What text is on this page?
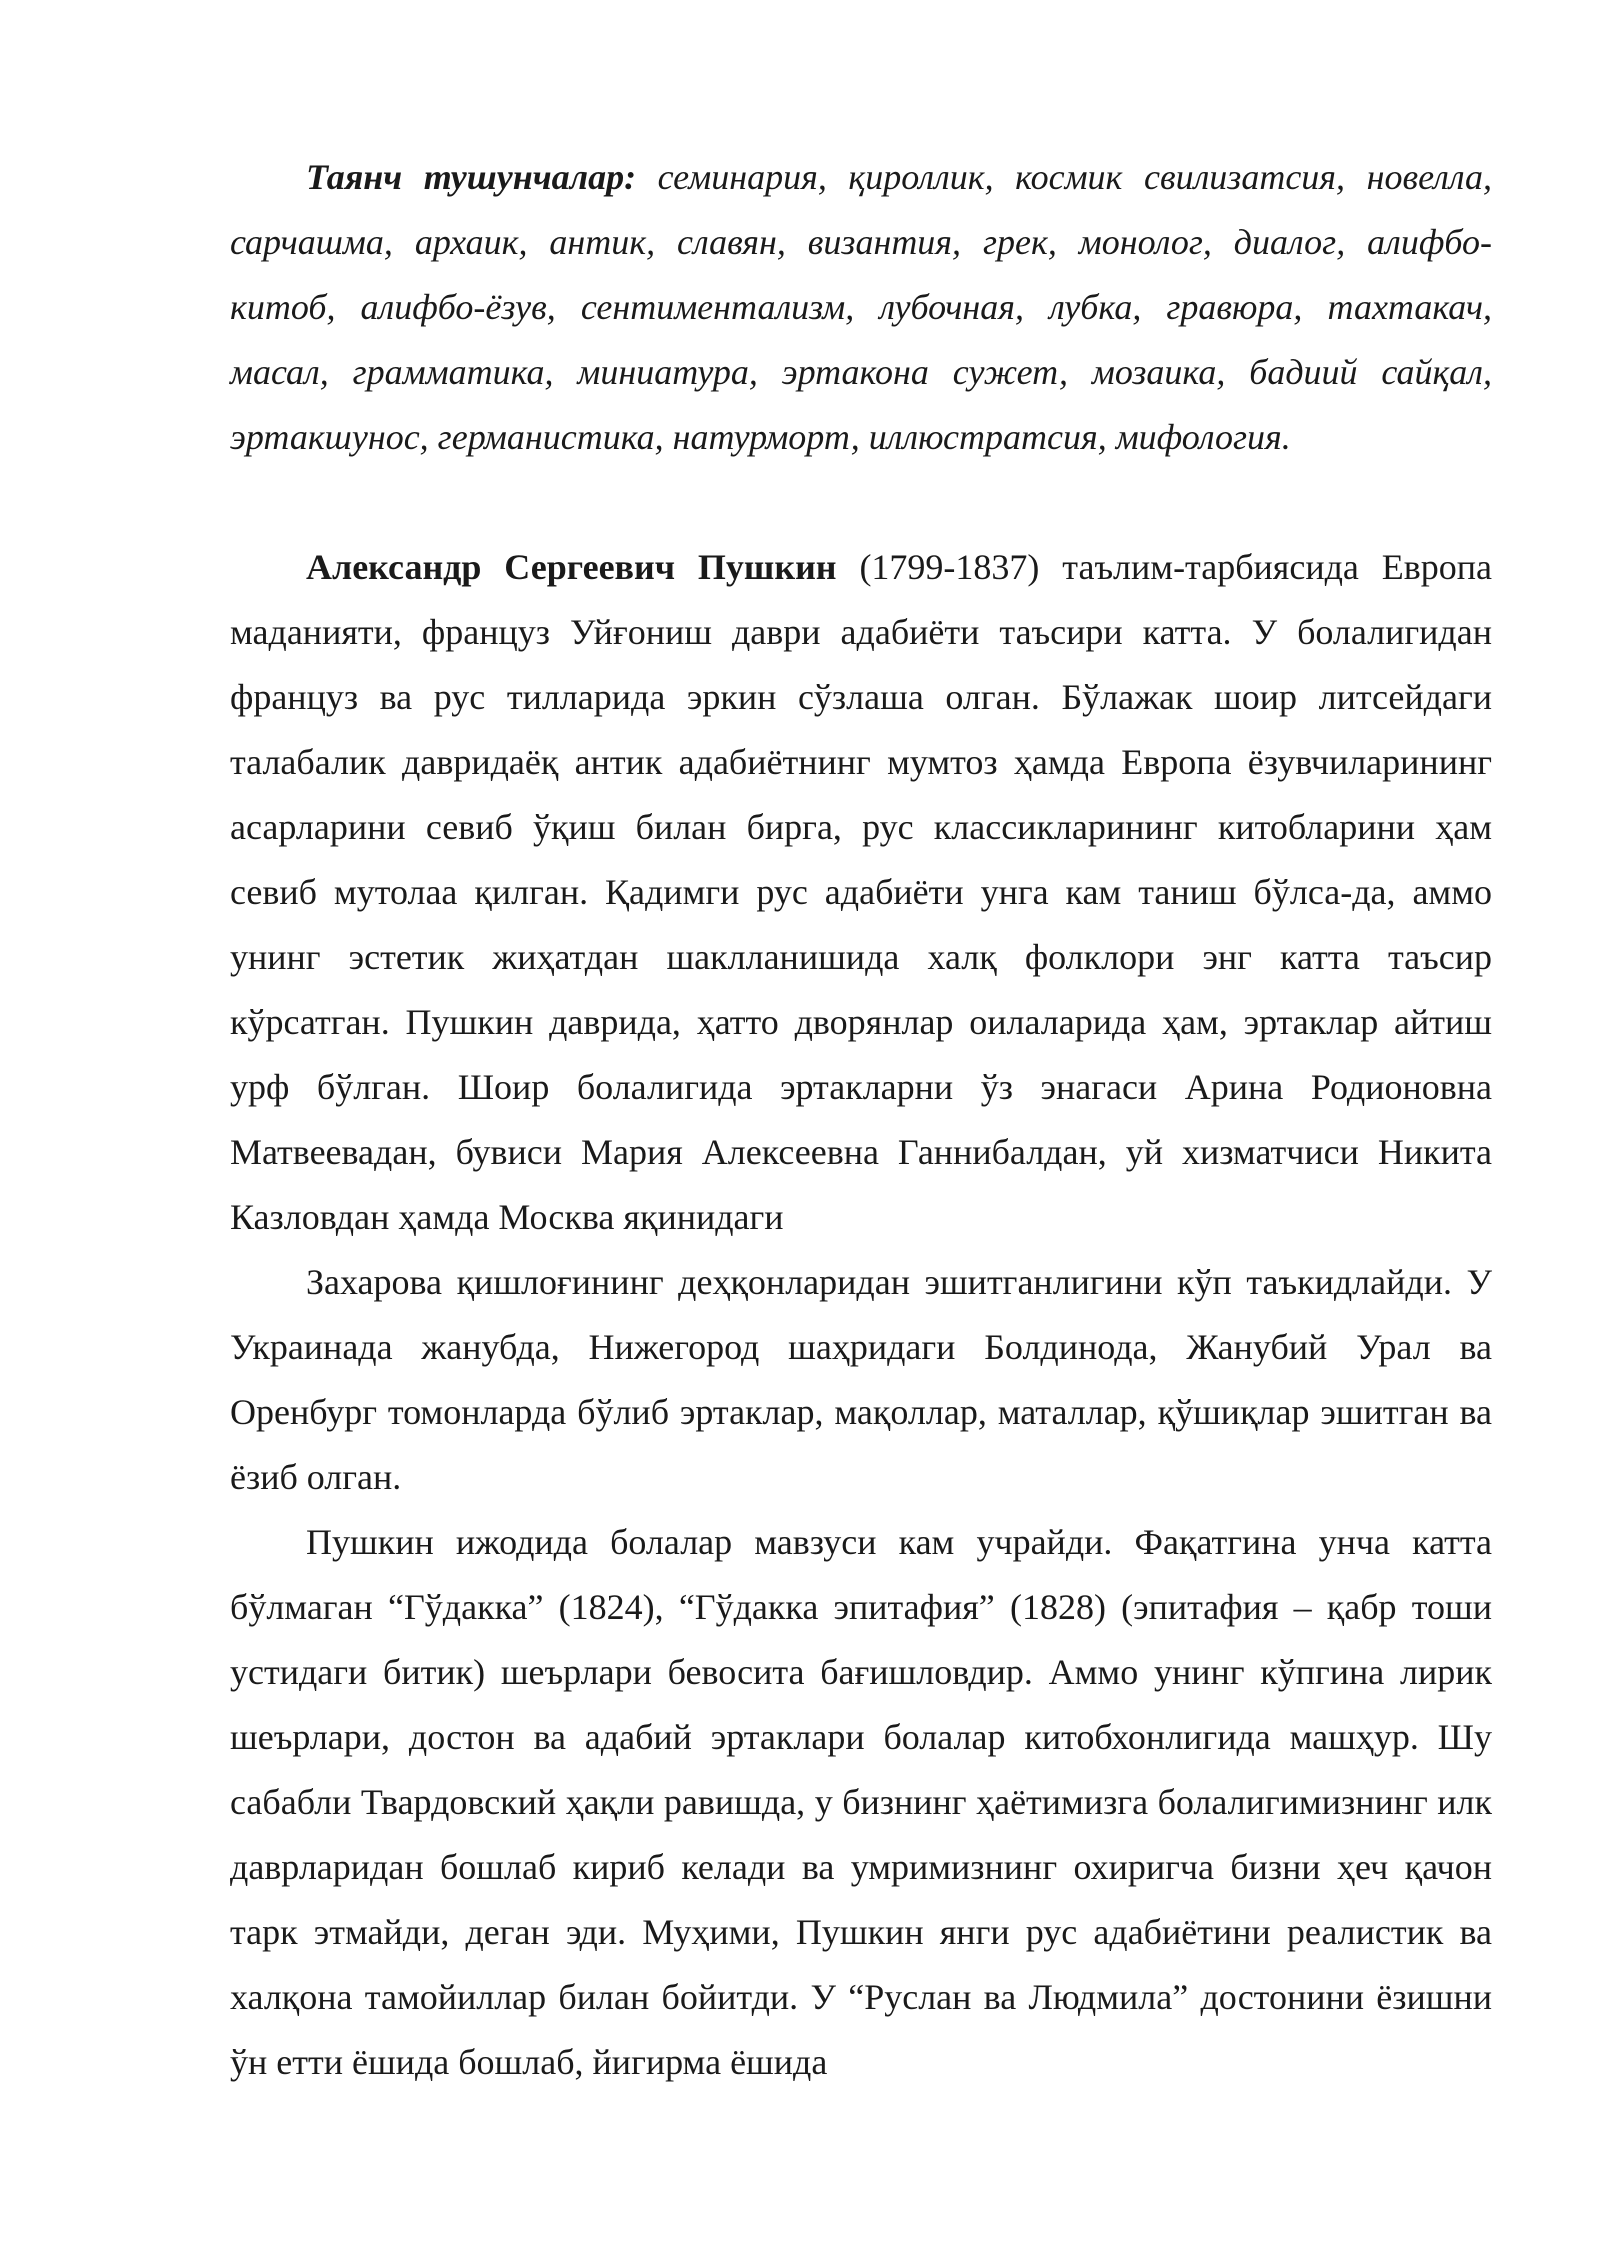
Таянч тушунчалар: семинария, қироллик, космик свилизатсия, новелла, сарчашма, архаик, антик, славян, византия, грек, монолог, диалог, алифбо-китоб, алифбо-ёзув, сентиментализм, лубочная, лубка, гравюра, тахтакач, масал, грамматика, миниатура, эртакона сужет, мозаика, бадиий сайқал, эртакшунос, германистика, натурморт, иллюстратсия, мифология.

Александр Сергеевич Пушкин (1799-1837) таълим-тарбиясида Европа маданияти, француз Уйғониш даври адабиёти таъсири катта. У болалигидан француз ва рус тилларида эркин сўзлаша олган. Бўлажак шоир литсейдаги талабалик давридаёқ антик адабиётнинг мумтоз ҳамда Европа ёзувчиларининг асарларини севиб ўқиш билан бирга, рус классикларининг китобларини ҳам севиб мутолаа қилган. Қадимги рус адабиёти унга кам таниш бўлса-да, аммо унинг эстетик жиҳатдан шаклланишида халқ фолклори энг катта таъсир кўрсатган. Пушкин даврида, ҳатто дворянлар оилаларида ҳам, эртаклар айтиш урф бўлган. Шоир болалигида эртакларни ўз энагаси Арина Родионовна Матвеевадан, бувиси Мария Алексеевна Ганнибалдан, уй хизматчиси Никита Казловдан ҳамда Москва яқинидаги

Захарова қишлоғининг деҳқонларидан эшитганлигини кўп таъкидлайди. У Украинада жанубда, Нижегород шаҳридаги Болдинода, Жанубий Урал ва Оренбург томонларда бўлиб эртаклар, мақоллар, маталлар, қўшиқлар эшитган ва ёзиб олган.

Пушкин ижодида болалар мавзуси кам учрайди. Фақатгина унча катта бўлмаган “Гўдакка” (1824), “Гўдакка эпитафия” (1828) (эпитафия – қабр тоши устидаги битик) шеърлари бевосита бағишловдир. Аммо унинг кўпгина лирик шеърлари, достон ва адабий эртаклари болалар китобхонлигида машҳур. Шу сабабли Твардовский ҳақли равишда, у бизнинг ҳаётимизга болалигимизнинг илк даврларидан бошлаб кириб келади ва умримизнинг охиригча бизни ҳеч қачон тарк этмайди, деган эди. Муҳими, Пушкин янги рус адабиётини реалистик ва халқона тамойиллар билан бойитди. У “Руслан ва Людмила” достонини ёзишни ўн етти ёшида бошлаб, йигирма ёшида
